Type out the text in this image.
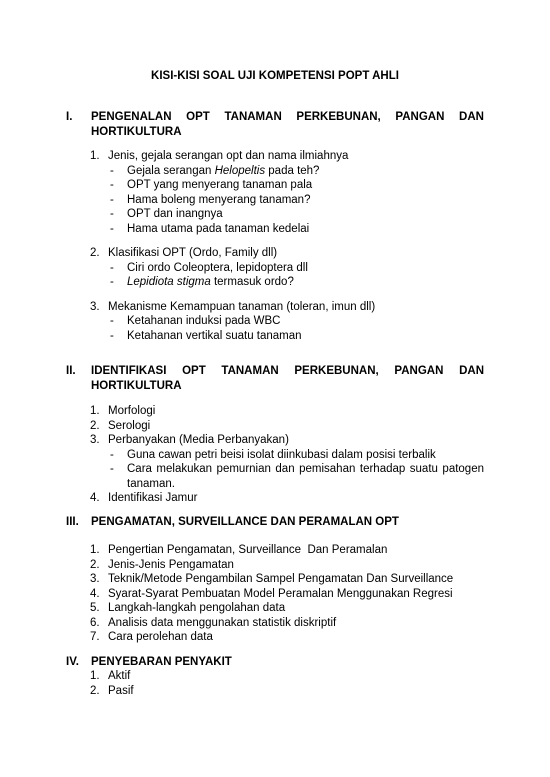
KISI-KISI SOAL UJI KOMPETENSI POPT AHLI
I.	PENGENALAN OPT TANAMAN PERKEBUNAN, PANGAN DAN
HORTIKULTURA
1. Jenis, gejala serangan opt dan nama ilmiahnya
-	Gejala serangan Helopeltis pada teh?
-	OPT yang menyerang tanaman pala
-	Hama boleng menyerang tanaman?
-	OPT dan inangnya
-	Hama utama pada tanaman kedelai
2. Klasifikasi OPT (Ordo, Family dll)
-	Ciri ordo Coleoptera, lepidoptera dll
-	Lepidiota stigma termasuk ordo?
3. Mekanisme Kemampuan tanaman (toleran, imun dll)
-	Ketahanan induksi pada WBC
-	Ketahanan vertikal suatu tanaman
II.	IDENTIFIKASI OPT TANAMAN PERKEBUNAN, PANGAN DAN
HORTIKULTURA
1. Morfologi
2. Serologi
3. Perbanyakan (Media Perbanyakan)
-	Guna cawan petri beisi isolat diinkubasi dalam posisi terbalik
-	Cara melakukan pemurnian dan pemisahan terhadap suatu patogen tanaman.
4. Identifikasi Jamur
III.	PENGAMATAN, SURVEILLANCE DAN PERAMALAN OPT
1. Pengertian Pengamatan, Surveillance  Dan Peramalan
2. Jenis-Jenis Pengamatan
3. Teknik/Metode Pengambilan Sampel Pengamatan Dan Surveillance
4. Syarat-Syarat Pembuatan Model Peramalan Menggunakan Regresi
5. Langkah-langkah pengolahan data
6. Analisis data menggunakan statistik diskriptif
7. Cara perolehan data
IV.	PENYEBARAN PENYAKIT
1. Aktif
2. Pasif
